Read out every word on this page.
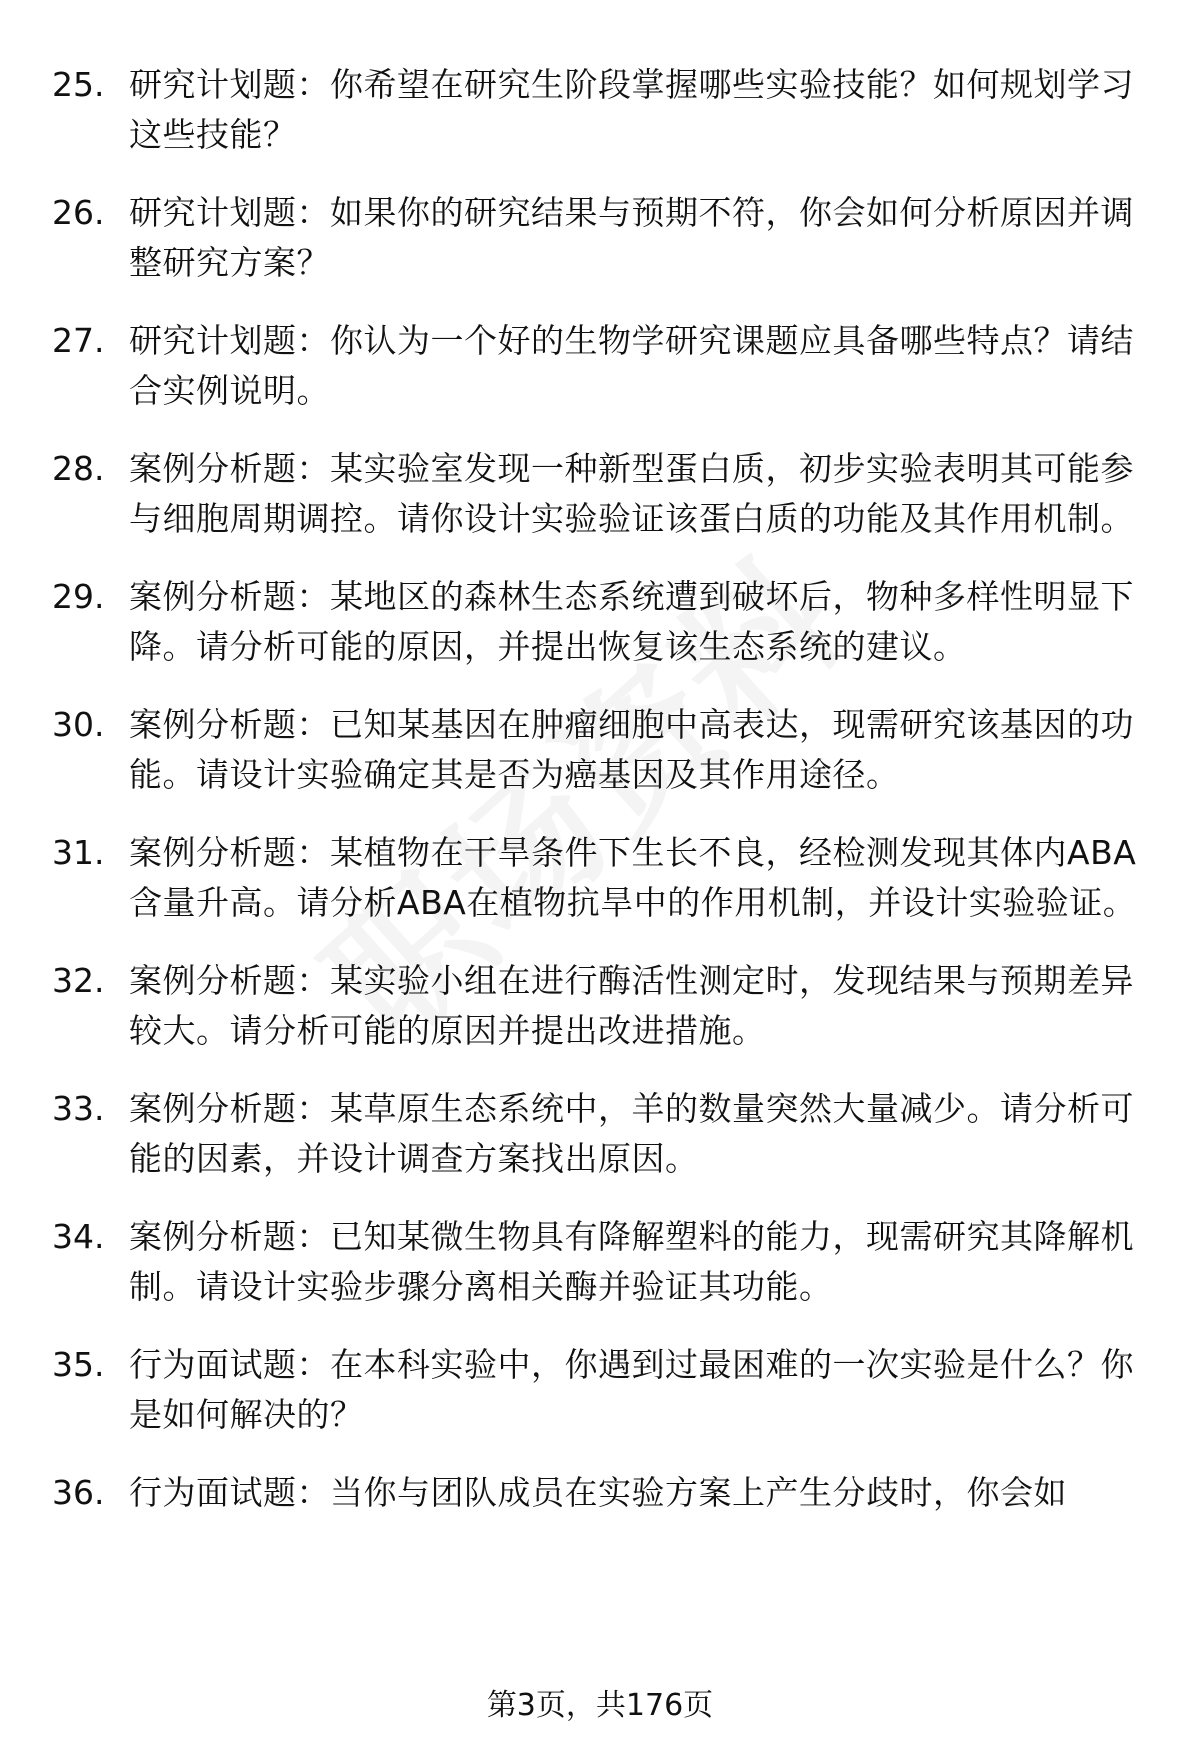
25. 研究计划题：你希望在研究生阶段掌握哪些实验技能？如何规划学习这些技能？
26. 研究计划题：如果你的研究结果与预期不符，你会如何分析原因并调整研究方案？
27. 研究计划题：你认为一个好的生物学研究课题应具备哪些特点？请结合实例说明。
28. 案例分析题：某实验室发现一种新型蛋白质，初步实验表明其可能参与细胞周期调控。请你设计实验验证该蛋白质的功能及其作用机制。
29. 案例分析题：某地区的森林生态系统遭到破坏后，物种多样性明显下降。请分析可能的原因，并提出恢复该生态系统的建议。
30. 案例分析题：已知某基因在肿瘤细胞中高表达，现需研究该基因的功能。请设计实验确定其是否为癌基因及其作用途径。
31. 案例分析题：某植物在干旱条件下生长不良，经检测发现其体内ABA含量升高。请分析ABA在植物抗旱中的作用机制，并设计实验验证。
32. 案例分析题：某实验小组在进行酶活性测定时，发现结果与预期差异较大。请分析可能的原因并提出改进措施。
33. 案例分析题：某草原生态系统中，羊的数量突然大量减少。请分析可能的因素，并设计调查方案找出原因。
34. 案例分析题：已知某微生物具有降解塑料的能力，现需研究其降解机制。请设计实验步骤分离相关酶并验证其功能。
35. 行为面试题：在本科实验中，你遇到过最困难的一次实验是什么？你是如何解决的？
36. 行为面试题：当你与团队成员在实验方案上产生分歧时，你会如
第3页，共176页
